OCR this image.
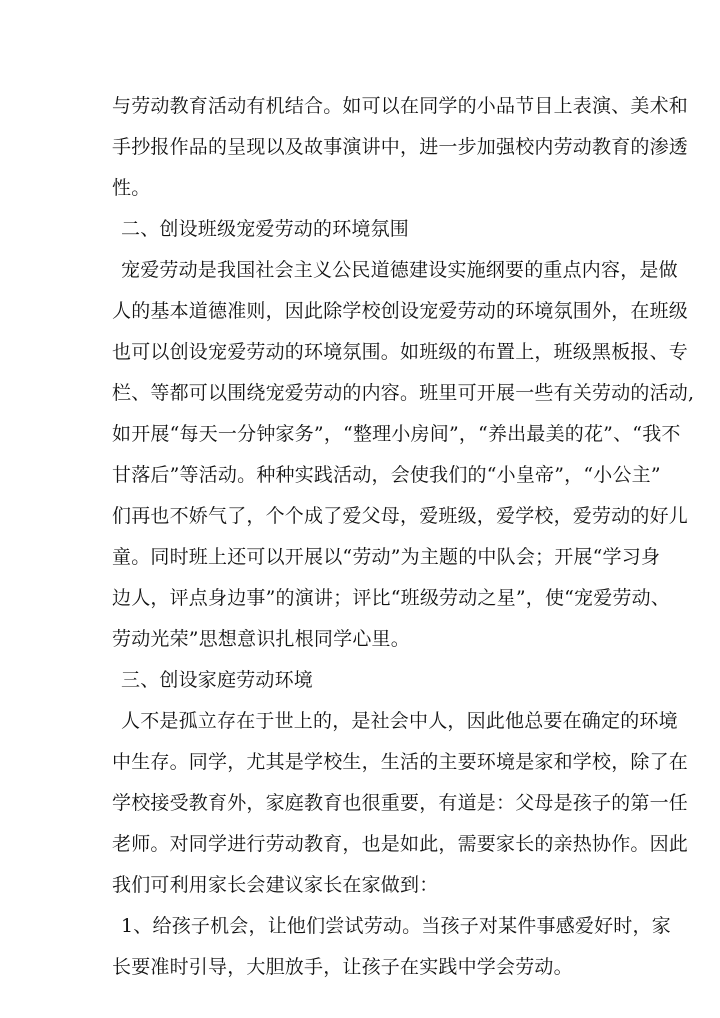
与劳动教育活动有机结合。如可以在同学的小品节目上表演、美术和
手抄报作品的呈现以及故事演讲中，进一步加强校内劳动教育的渗透
性。
二、创设班级宠爱劳动的环境氛围
宠爱劳动是我国社会主义公民道德建设实施纲要的重点内容，是做
人的基本道德准则，因此除学校创设宠爱劳动的环境氛围外，在班级
也可以创设宠爱劳动的环境氛围。如班级的布置上，班级黑板报、专
栏、等都可以围绕宠爱劳动的内容。班里可开展一些有关劳动的活动,
如开展“每天一分钟家务”，“整理小房间”，“养出最美的花”、“我不
甘落后”等活动。种种实践活动，会使我们的“小皇帝”，“小公主”
们再也不娇气了，个个成了爱父母，爱班级，爱学校，爱劳动的好儿
童。同时班上还可以开展以“劳动”为主题的中队会；开展“学习身
边人，评点身边事”的演讲；评比“班级劳动之星”，使“宠爱劳动、
劳动光荣”思想意识扎根同学心里。
三、创设家庭劳动环境
人不是孤立存在于世上的，是社会中人，因此他总要在确定的环境
中生存。同学，尤其是学校生，生活的主要环境是家和学校，除了在
学校接受教育外，家庭教育也很重要，有道是：父母是孩子的第一任
老师。对同学进行劳动教育，也是如此，需要家长的亲热协作。因此
我们可利用家长会建议家长在家做到：
1、给孩子机会，让他们尝试劳动。当孩子对某件事感爱好时，家
长要准时引导，大胆放手，让孩子在实践中学会劳动。
